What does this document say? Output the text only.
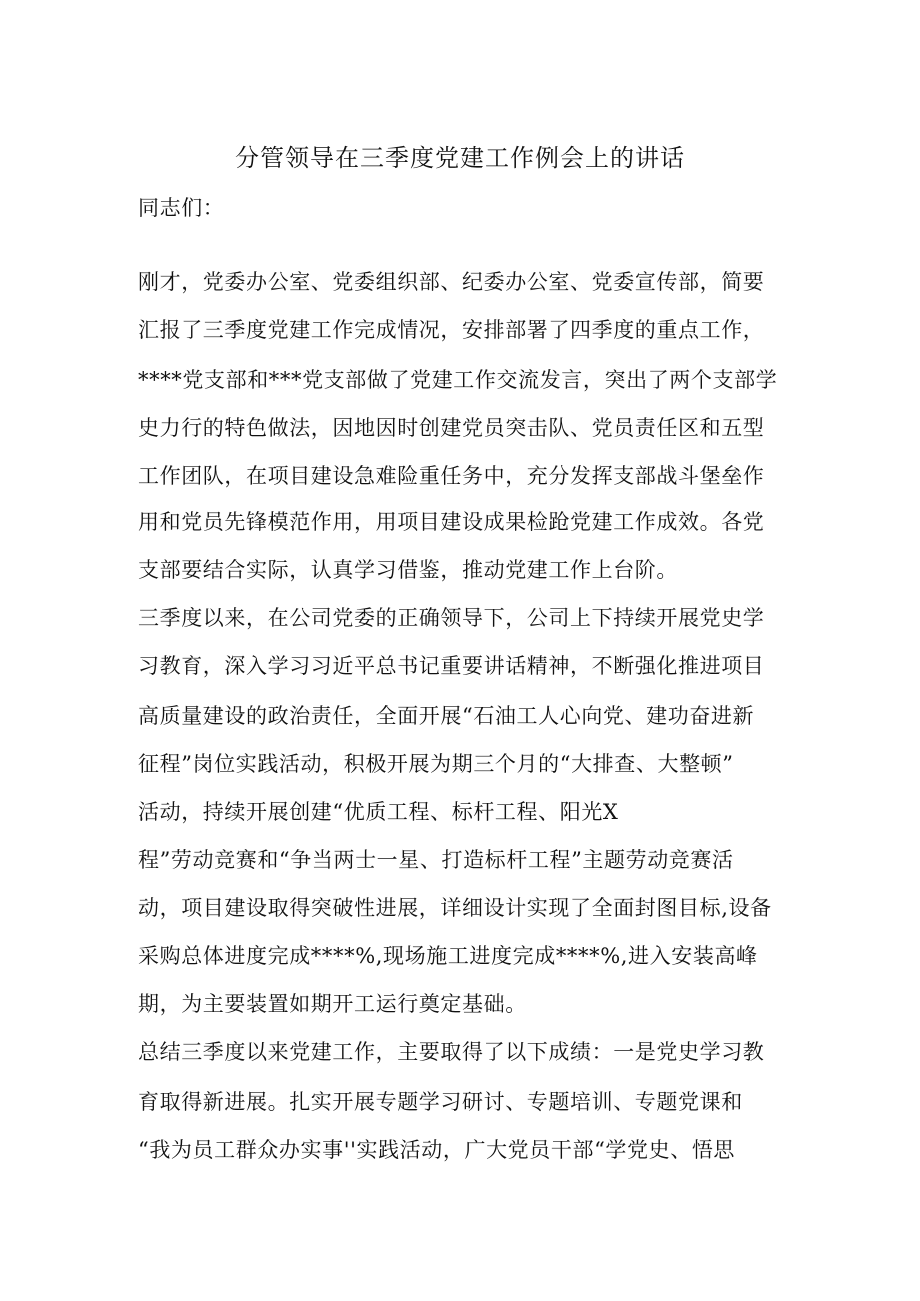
分管领导在三季度党建工作例会上的讲话
同志们：
刚才，党委办公室、党委组织部、纪委办公室、党委宣传部，简要
汇报了三季度党建工作完成情况，安排部署了四季度的重点工作，
****党支部和***党支部做了党建工作交流发言，突出了两个支部学
史力行的特色做法，因地因时创建党员突击队、党员责任区和五型
工作团队，在项目建设急难险重任务中，充分发挥支部战斗堡垒作
用和党员先锋模范作用，用项目建设成果检跄党建工作成效。各党
支部要结合实际，认真学习借鉴，推动党建工作上台阶。
三季度以来，在公司党委的正确领导下，公司上下持续开展党史学
习教育，深入学习习近平总书记重要讲话精神，不断强化推进项目
高质量建设的政治责任，全面开展“石油工人心向党、建功奋进新
征程”岗位实践活动，积极开展为期三个月的“大排查、大整顿”
活动，持续开展创建“优质工程、标杆工程、阳光X
程”劳动竞赛和“争当两士一星、打造标杆工程”主题劳动竞赛活
动，项目建设取得突破性进展，详细设计实现了全面封图目标,设备
采购总体进度完成****%,现场施工进度完成****%,进入安装高峰
期，为主要装置如期开工运行奠定基础。
总结三季度以来党建工作，主要取得了以下成绩：一是党史学习教
育取得新进展。扎实开展专题学习研讨、专题培训、专题党课和
“我为员工群众办实事''实践活动，广大党员干部“学党史、悟思
